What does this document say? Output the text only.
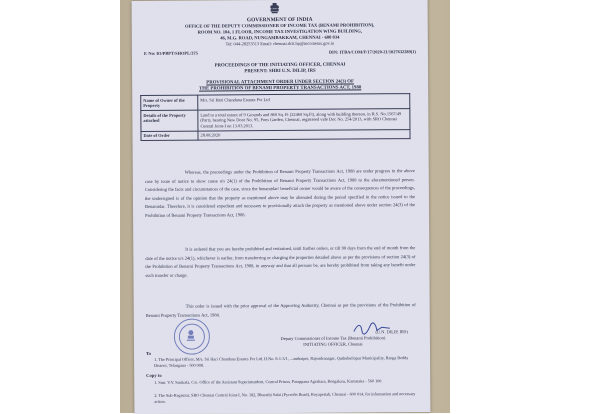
GOVERNMENT OF INDIA
OFFICE OF THE DEPUTY COMMISSIONER OF INCOME TAX (BENAMI PROHIBITION),
ROOM NO. 104, 1 FLOOR, INCOME TAX INVESTIGATION WING BUILDING,
46, M.G. ROAD, NUNGAMBAKKAM, CHENNAI - 600 034
Tel: 044-28253513 Email: chennai.dcit.bp@incometax.gov.in
F. No: IO/PBPT/SHOPL/375	DIN: ITBA/COM/F/17/2020-21/1027632289(1)
PROCEEDINGS OF THE INITIATING OFFICER, CHENNAI
PRESENT: SHRI U.N. DILIP, IRS
PROVISIONAL ATTACHMENT ORDER UNDER SECTION 24(3) OF
THE PROHIBITION OF BENAMI PROPERTY TRANSACTIONS ACT, 1988
Name of Owner of the Property	M/s. Sri Hari Chandana Estates Pvt Ltd
Details of the Property attached	Land to a total extent of 9 Grounds and 860 Sq. Ft (22460 Sq.Ft), along with building thereon, in R.S. No.1567/49 (Part), bearing New Door No. 95, Poes Garden, Chennai, registered vide Doc No. 254/2013, with SRO Chennai Central Joint-I on 13.03.2013.
Date of Order	28.08.2020
Whereas, the proceedings under the Prohibition of Benami Property Transactions Act, 1988 are under progress in the above case by issue of notice to show cause u/s 24(1) of the Prohibition of Benami Property Transactions Act, 1988 to the aforementioned person. Considering the facts and circumstances of the case, since the benamidar/ beneficial owner would be aware of the consequences of the proceedings, the undersigned is of the opinion that the property as mentioned above may be alienated during the period specified in the notice issued to the Benamidar. Therefore, it is considered expedient and necessary to provisionally attach the property as mentioned above under section 24(3) of the Prohibition of Benami Property Transactions Act, 1988.
It is ordered that you are hereby prohibited and restrained, until further orders, or till 90 days from the end of month from the date of the notice u/s 24(1), whichever is earlier, from transferring or charging the properties detailed above as per the provisions of section 24(3) of the Prohibition of Benami Property Transactions Act, 1988, in anyway and that all persons be, are hereby prohibited from taking any benefit under such transfer or charge.
This order is issued with the prior approval of the Approving Authority, Chennai as per the provisions of the Prohibition of Benami Property Transactions Act, 1988.
(U.N. DILIP, IRS)
Deputy Commissioner of Income Tax (Benami Prohibition)
INITIATING OFFICER, Chennai
To
1. The Principal Officer, M/s. Sri Hari Chandana Estates Pvt Ltd, H.No. 8-1-3/1, ...ambatpet, Rajendranagar, Quthubullapur Municipality, Ranga Reddy District, Telangana - 500 008.
Copy to
1. Smt. V.V. Sasikala, C/o. Office of the Assistant Superintendent, Central Prison, Parappana Agrahara, Bengaluru, Karnataka - 560 100.
2. The Sub-Registrar, SRO Chennai Central Joint-I, No. 182, Bharathi Salai (Pycrofts Road), Royapettah, Chennai - 600 014, for information and necessary action.
